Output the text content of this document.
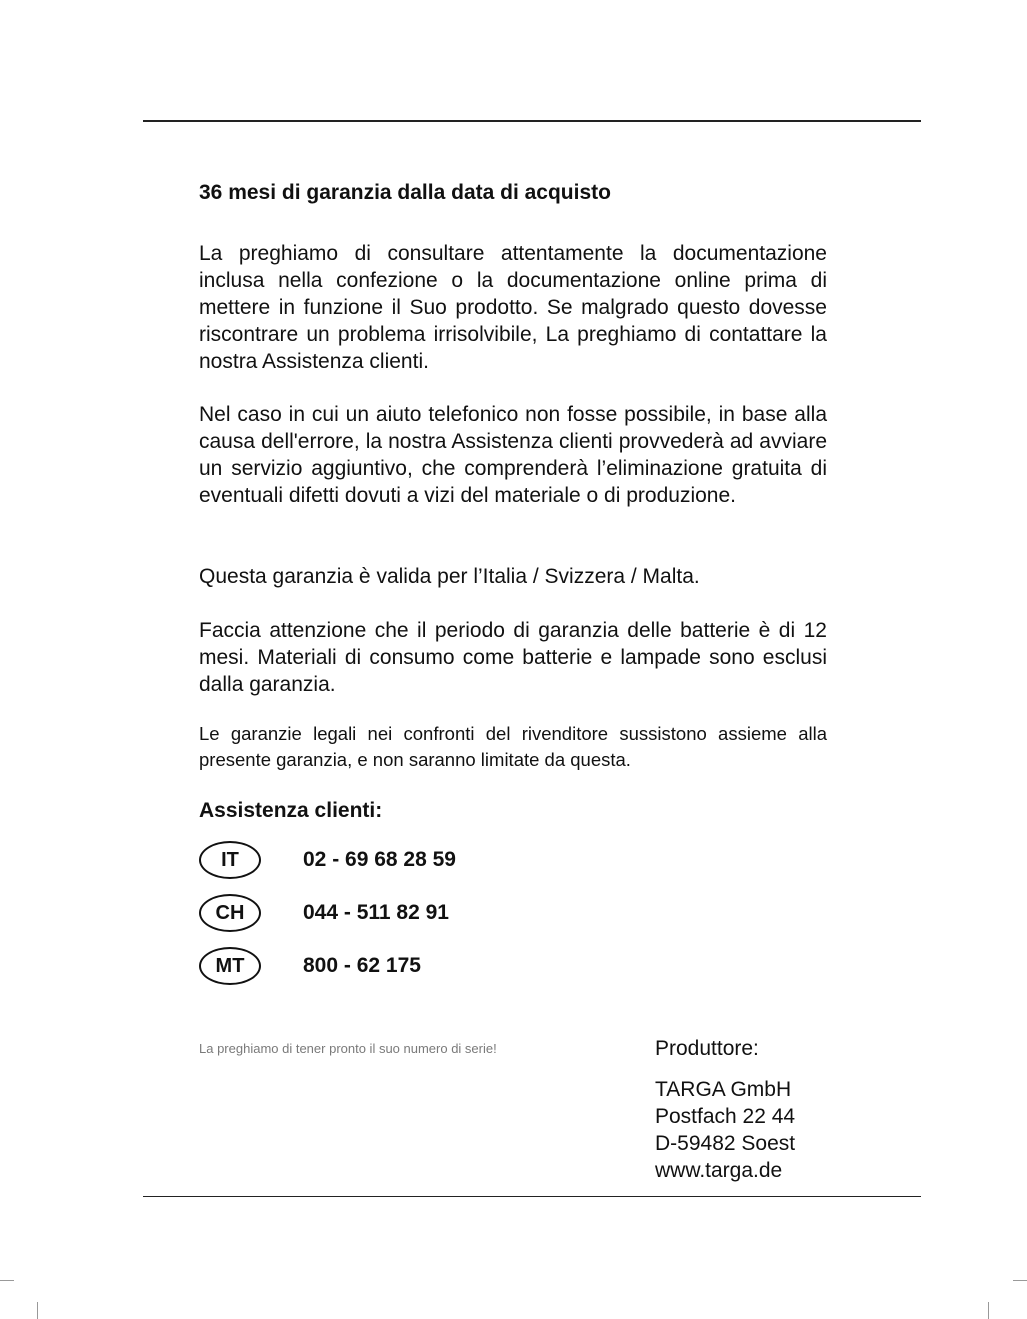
36 mesi di garanzia dalla data di acquisto

La preghiamo di consultare attentamente la documentazione inclusa nella confezione o la documentazione online prima di mettere in funzione il Suo prodotto. Se malgrado questo dovesse riscontrare un problema irrisolvibile, La preghiamo di contattare la nostra Assistenza clienti.

Nel caso in cui un aiuto telefonico non fosse possibile, in base alla causa dell'errore, la nostra Assistenza clienti provvederà ad avviare un servizio aggiuntivo, che comprenderà l’eliminazione gratuita di eventuali difetti dovuti a vizi del materiale o di produzione.

Questa garanzia è valida per l’Italia / Svizzera / Malta.

Faccia attenzione che il periodo di garanzia delle batterie è di 12 mesi. Materiali di consumo come batterie e lampade sono esclusi dalla garanzia.

Le garanzie legali nei confronti del rivenditore sussistono assieme alla presente garanzia, e non saranno limitate da questa.

Assistenza clienti:
IT	02 - 69 68 28 59
CH	044 - 511 82 91
MT	800 - 62 175
La preghiamo di tener pronto il suo numero di serie!	Produttore:
TARGA GmbH
Postfach 22 44
D-59482 Soest
www.targa.de
